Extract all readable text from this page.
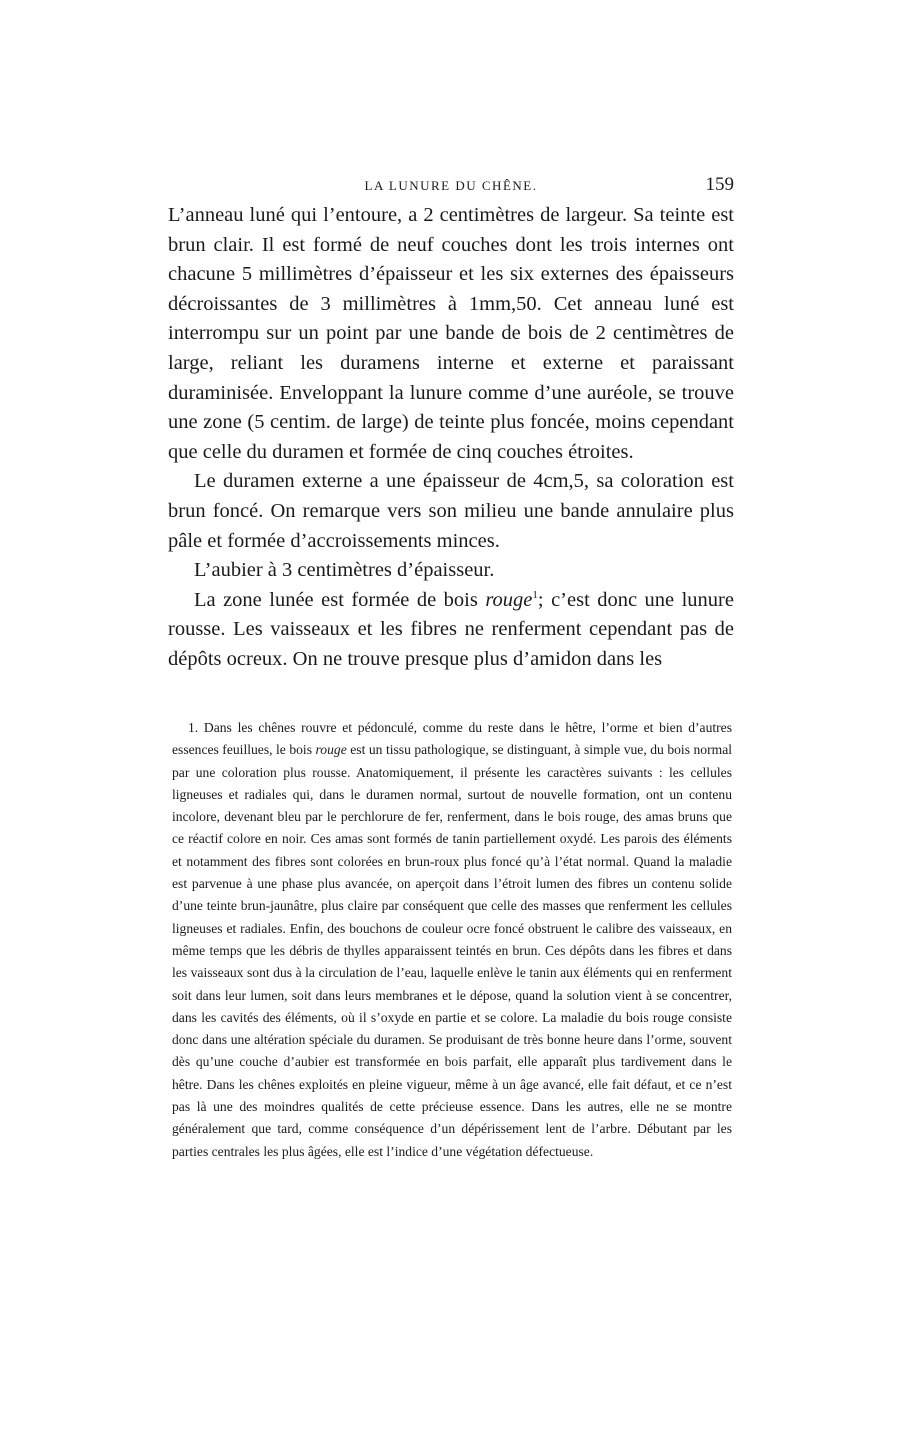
LA LUNURE DU CHÊNE.	159

L’anneau luné qui l’entoure, a 2 centimètres de largeur. Sa teinte est brun clair. Il est formé de neuf couches dont les trois internes ont chacune 5 millimètres d’épaisseur et les six externes des épaisseurs décroissantes de 3 millimètres à 1mm,50. Cet anneau luné est interrompu sur un point par une bande de bois de 2 centimètres de large, reliant les duramens interne et externe et paraissant duraminisée. Enveloppant la lunure comme d’une auréole, se trouve une zone (5 centim. de large) de teinte plus foncée, moins cependant que celle du duramen et formée de cinq couches étroites.

Le duramen externe a une épaisseur de 4cm,5, sa coloration est brun foncé. On remarque vers son milieu une bande annulaire plus pâle et formée d’accroissements minces.

L’aubier à 3 centimètres d’épaisseur.

La zone lunée est formée de bois rouge$^1$; c’est donc une lunure rousse. Les vaisseaux et les fibres ne renferment cependant pas de dépôts ocreux. On ne trouve presque plus d’amidon dans les

1. Dans les chênes rouvre et pédonculé, comme du reste dans le hêtre, l’orme et bien d’autres essences feuillues, le bois rouge est un tissu pathologique, se distinguant, à simple vue, du bois normal par une coloration plus rousse. Anatomiquement, il présente les caractères suivants : les cellules ligneuses et radiales qui, dans le duramen normal, surtout de nouvelle formation, ont un contenu incolore, devenant bleu par le perchlorure de fer, renferment, dans le bois rouge, des amas bruns que ce réactif colore en noir. Ces amas sont formés de tanin partiellement oxydé. Les parois des éléments et notamment des fibres sont colorées en brun-roux plus foncé qu’à l’état normal. Quand la maladie est parvenue à une phase plus avancée, on aperçoit dans l’étroit lumen des fibres un contenu solide d’une teinte brun-jaunâtre, plus claire par conséquent que celle des masses que renferment les cellules ligneuses et radiales. Enfin, des bouchons de couleur ocre foncé obstruent le calibre des vaisseaux, en même temps que les débris de thylles apparaissent teintés en brun. Ces dépôts dans les fibres et dans les vaisseaux sont dus à la circulation de l’eau, laquelle enlève le tanin aux éléments qui en renferment soit dans leur lumen, soit dans leurs membranes et le dépose, quand la solution vient à se concentrer, dans les cavités des éléments, où il s’oxyde en partie et se colore. La maladie du bois rouge consiste donc dans une altération spéciale du duramen. Se produisant de très bonne heure dans l’orme, souvent dès qu’une couche d’aubier est transformée en bois parfait, elle apparaît plus tardivement dans le hêtre. Dans les chênes exploités en pleine vigueur, même à un âge avancé, elle fait défaut, et ce n’est pas là une des moindres qualités de cette précieuse essence. Dans les autres, elle ne se montre généralement que tard, comme conséquence d’un dépérissement lent de l’arbre. Débutant par les parties centrales les plus âgées, elle est l’indice d’une végétation défectueuse.
